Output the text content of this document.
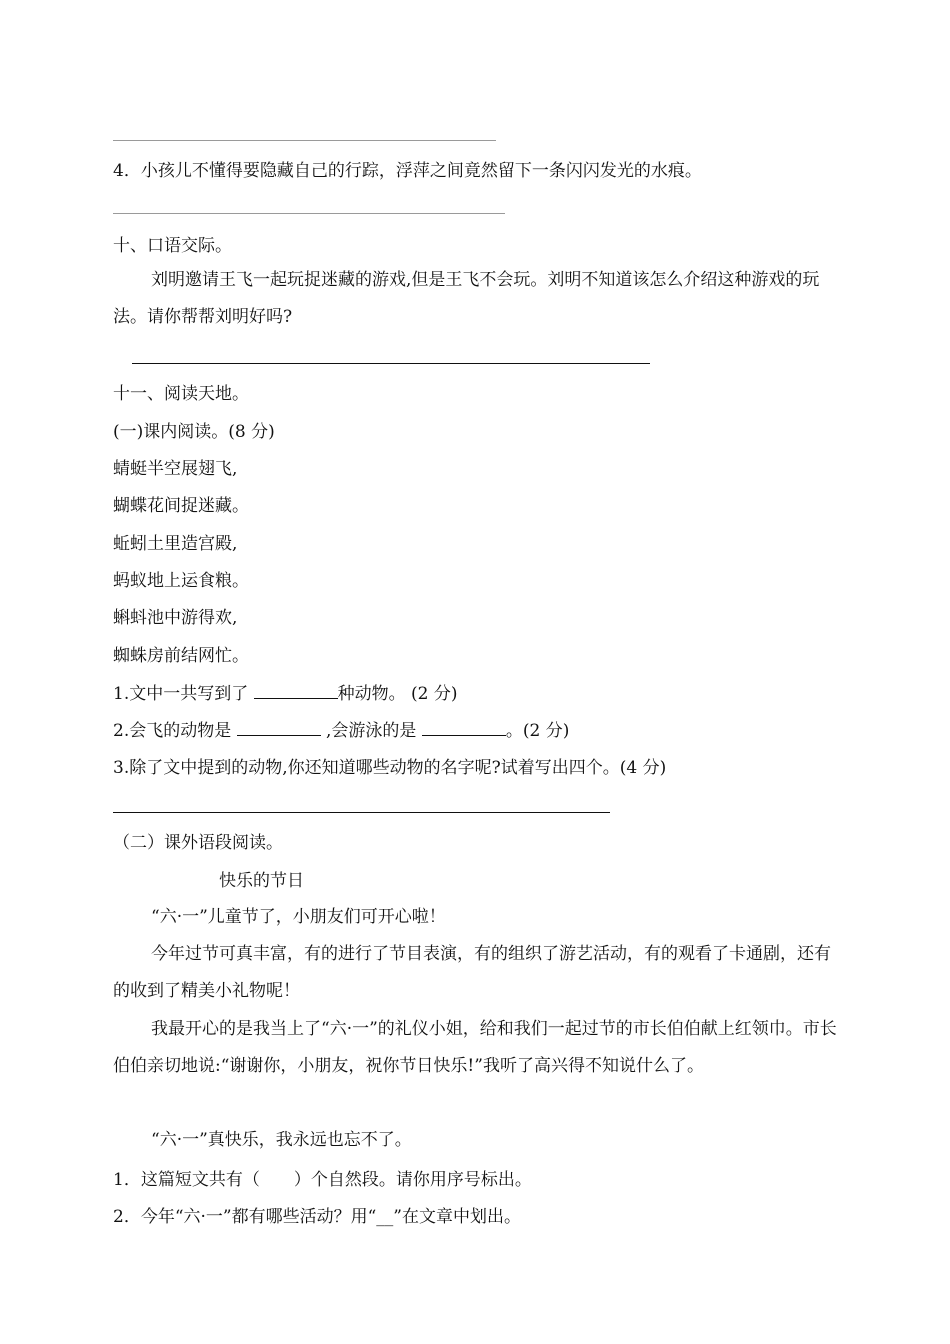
4．小孩儿不懂得要隐藏自己的行踪，浮萍之间竟然留下一条闪闪发光的水痕。
十、口语交际。
刘明邀请王飞一起玩捉迷藏的游戏,但是王飞不会玩。刘明不知道该怎么介绍这种游戏的玩法。请你帮帮刘明好吗?
十一、阅读天地。
(一)课内阅读。(8 分)
蜻蜓半空展翅飞,
蝴蝶花间捉迷藏。
蚯蚓土里造宫殿,
蚂蚁地上运食粮。
蝌蚪池中游得欢,
蜘蛛房前结网忙。
1.文中一共写到了	种动物。 (2 分)
2.会飞的动物是	,会游泳的是	。(2 分)
3.除了文中提到的动物,你还知道哪些动物的名字呢?试着写出四个。(4 分)
（二）课外语段阅读。
快乐的节日
“六·一”儿童节了，小朋友们可开心啦！
今年过节可真丰富，有的进行了节目表演，有的组织了游艺活动，有的观看了卡通剧，还有的收到了精美小礼物呢！
我最开心的是我当上了“六·一”的礼仪小姐，给和我们一起过节的市长伯伯献上红领巾。市长伯伯亲切地说:“谢谢你，小朋友，祝你节日快乐!”我听了高兴得不知说什么了。
“六·一”真快乐，我永远也忘不了。
1．这篇短文共有（　　）个自然段。请你用序号标出。
2．今年“六·一”都有哪些活动？用“__”在文章中划出。
